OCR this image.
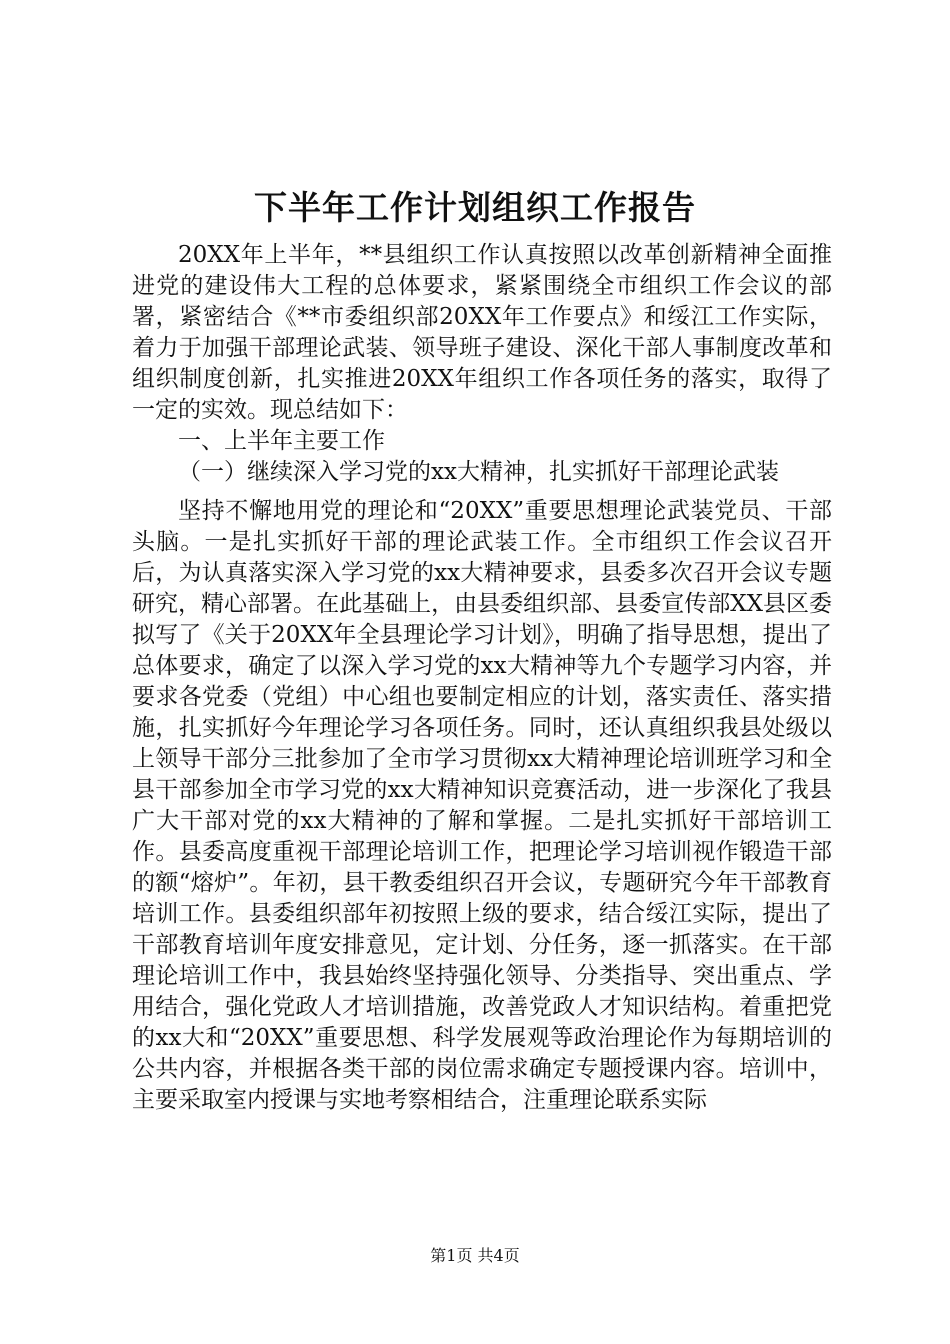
下半年工作计划组织工作报告

20XX年上半年，**县组织工作认真按照以改革创新精神全面推进党的建设伟大工程的总体要求，紧紧围绕全市组织工作会议的部署，紧密结合《**市委组织部20XX年工作要点》和绥江工作实际，着力于加强干部理论武装、领导班子建设、深化干部人事制度改革和组织制度创新，扎实推进20XX年组织工作各项任务的落实，取得了一定的实效。现总结如下：

一、上半年主要工作

（一）继续深入学习党的xx大精神，扎实抓好干部理论武装

坚持不懈地用党的理论和“20XX”重要思想理论武装党员、干部头脑。一是扎实抓好干部的理论武装工作。全市组织工作会议召开后，为认真落实深入学习党的xx大精神要求，县委多次召开会议专题研究，精心部署。在此基础上，由县委组织部、县委宣传部XX县区委拟写了《关于20XX年全县理论学习计划》，明确了指导思想，提出了总体要求，确定了以深入学习党的xx大精神等九个专题学习内容，并要求各党委（党组）中心组也要制定相应的计划，落实责任、落实措施，扎实抓好今年理论学习各项任务。同时，还认真组织我县处级以上领导干部分三批参加了全市学习贯彻xx大精神理论培训班学习和全县干部参加全市学习党的xx大精神知识竞赛活动，进一步深化了我县广大干部对党的xx大精神的了解和掌握。二是扎实抓好干部培训工作。县委高度重视干部理论培训工作，把理论学习培训视作锻造干部的额“熔炉”。年初，县干教委组织召开会议，专题研究今年干部教育培训工作。县委组织部年初按照上级的要求，结合绥江实际，提出了干部教育培训年度安排意见，定计划、分任务，逐一抓落实。在干部理论培训工作中，我县始终坚持强化领导、分类指导、突出重点、学用结合，强化党政人才培训措施，改善党政人才知识结构。着重把党的xx大和“20XX”重要思想、科学发展观等政治理论作为每期培训的公共内容，并根据各类干部的岗位需求确定专题授课内容。培训中，主要采取室内授课与实地考察相结合，注重理论联系实际

第1页 共4页
